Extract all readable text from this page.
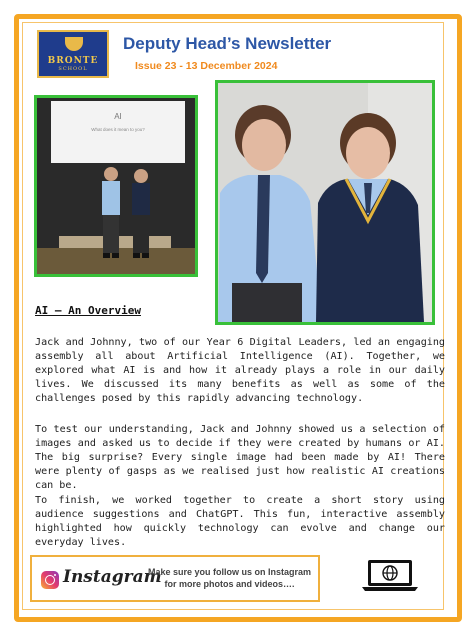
BRONTE
SCHOOL
Deputy Head’s Newsletter
Issue 23 - 13 December 2024
AI
What does it mean to you?
AI – An Overview

Jack and Johnny, two of our Year 6 Digital Leaders, led an engaging assembly all about Artificial Intelligence (AI). Together, we explored what AI is and how it already plays a role in our daily lives. We discussed its many benefits as well as some of the challenges posed by this rapidly advancing technology.

To test our understanding, Jack and Johnny showed us a selection of images and asked us to decide if they were created by humans or AI. The big surprise? Every single image had been made by AI! There were plenty of gasps as we realised just how realistic AI creations can be.

To finish, we worked together to create a short story using audience suggestions and ChatGPT. This fun, interactive assembly highlighted how quickly technology can evolve and change our everyday lives.

Instagram
Make sure you follow us on Instagram
for more photos and videos….
